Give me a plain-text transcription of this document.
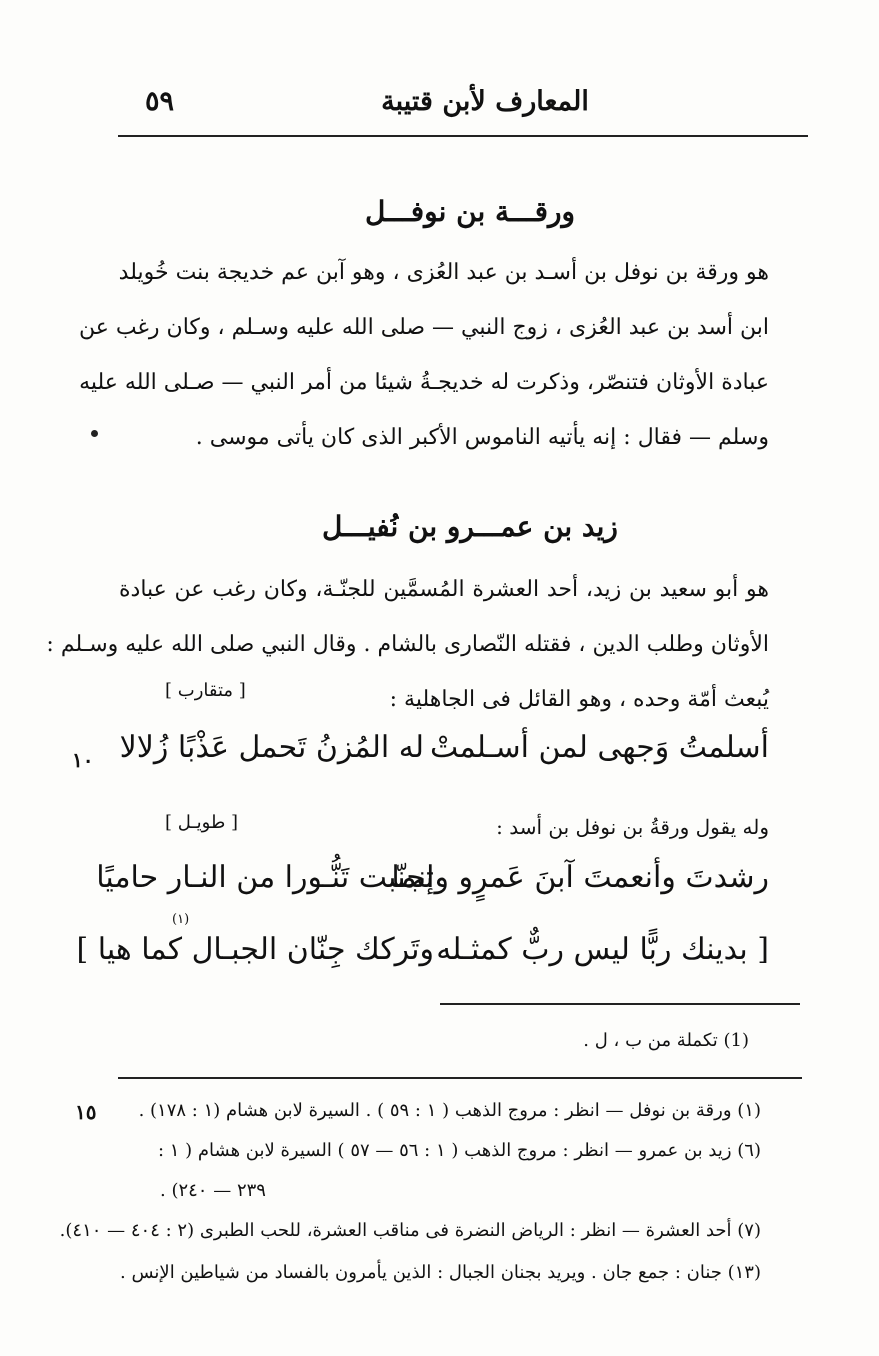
٥٩	المعارف لأبن قتيبة
ورقـــة بن نوفـــل
هو ورقة بن نوفل بن أسـد بن عبد العُزى ، وهو آبن عم خديجة بنت خُويلد
ابن أسد بن عبد العُزى ، زوج النبي — صلى الله عليه وسـلم ، وكان رغب عن
عبادة الأوثان فتنصّر، وذكرت له خديجـةُ شيئا من أمر النبي — صـلى الله عليه
وسلم — فقال : إنه يأتيه الناموس الأكبر الذى كان يأتى موسى .
زيد بن عمـــرو بن نُفيـــل
هو أبو سعيد بن زيد، أحد العشرة المُسمَّين للجنّـة، وكان رغب عن عبادة
الأوثان وطلب الدين ، فقتله النّصارى بالشام . وقال النبي صلى الله عليه وسـلم :
يُبعث أمّة وحده ، وهو القائل فى الجاهلية :
[ متقارب ]
أسلمتُ وَجهى لمن أسـلمتْ
له المُزنُ تَحمل عَذْبًا زُلالا
١٠
وله يقول ورقةُ بن نوفل بن أسد :
[ طويـل ]
رشدتَ وأنعمتَ آبنَ عَمرٍو وإنما
تجنّبت تَنُّـورا من النـار حاميًا
(١)
[ بدينك ربًّا ليس ربٌّ كمثـله
وتَركك جِنّان الجبـال كما هيا ]
(1) تكملة من ب ، ل .
١٥ (١) ورقة بن نوفل — انظر : مروج الذهب ( ١ : ٥٩ ) . السيرة لابن هشام (١ : ١٧٨) .
(٦) زيد بن عمرو — انظر : مروج الذهب ( ١ : ٥٦ — ٥٧ ) السيرة لابن هشام ( ١ :
٢٣٩ — ٢٤٠) .
(٧) أحد العشرة — انظر : الرياض النضرة فى مناقب العشرة، للحب الطبرى (٢ : ٤٠٤ — ٤١٠).
(١٣) جنان : جمع جان . ويريد بجنان الجبال : الذين يأمرون بالفساد من شياطين الإنس .
